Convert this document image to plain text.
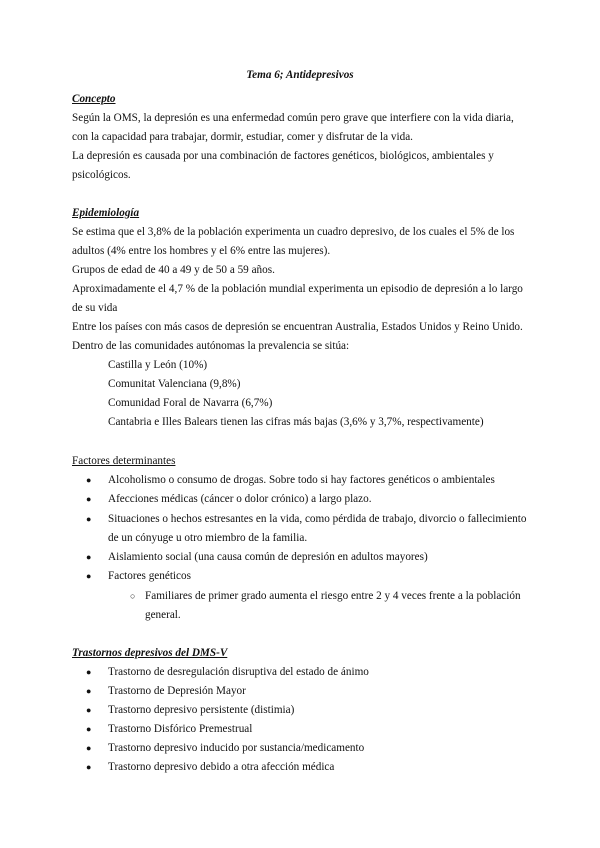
Tema 6; Antidepresivos
Concepto
Según la OMS, la depresión es una enfermedad común pero grave que interfiere con la vida diaria,
con la capacidad para trabajar, dormir, estudiar, comer y disfrutar de la vida.
La depresión es causada por una combinación de factores genéticos, biológicos, ambientales y
psicológicos.
Epidemiología
Se estima que el 3,8% de la población experimenta un cuadro depresivo, de los cuales el 5% de los
adultos (4% entre los hombres y el 6% entre las mujeres).
Grupos de edad de 40 a 49 y de 50 a 59 años.
Aproximadamente el 4,7 % de la población mundial experimenta un episodio de depresión a lo largo
de su vida
Entre los países con más casos de depresión se encuentran Australia, Estados Unidos y Reino Unido.
Dentro de las comunidades autónomas la prevalencia se sitúa:
Castilla y León (10%)
Comunitat Valenciana (9,8%)
Comunidad Foral de Navarra (6,7%)
Cantabria e Illes Balears tienen las cifras más bajas (3,6% y 3,7%, respectivamente)
Factores determinantes
● Alcoholismo o consumo de drogas. Sobre todo si hay factores genéticos o ambientales
● Afecciones médicas (cáncer o dolor crónico) a largo plazo.
● Situaciones o hechos estresantes en la vida, como pérdida de trabajo, divorcio o fallecimiento
de un cónyuge u otro miembro de la familia.
● Aislamiento social (una causa común de depresión en adultos mayores)
● Factores genéticos
○ Familiares de primer grado aumenta el riesgo entre 2 y 4 veces frente a la población
general.
Trastornos depresivos del DMS-V
● Trastorno de desregulación disruptiva del estado de ánimo
● Trastorno de Depresión Mayor
● Trastorno depresivo persistente (distimia)
● Trastorno Disfórico Premestrual
● Trastorno depresivo inducido por sustancia/medicamento
● Trastorno depresivo debido a otra afección médica
